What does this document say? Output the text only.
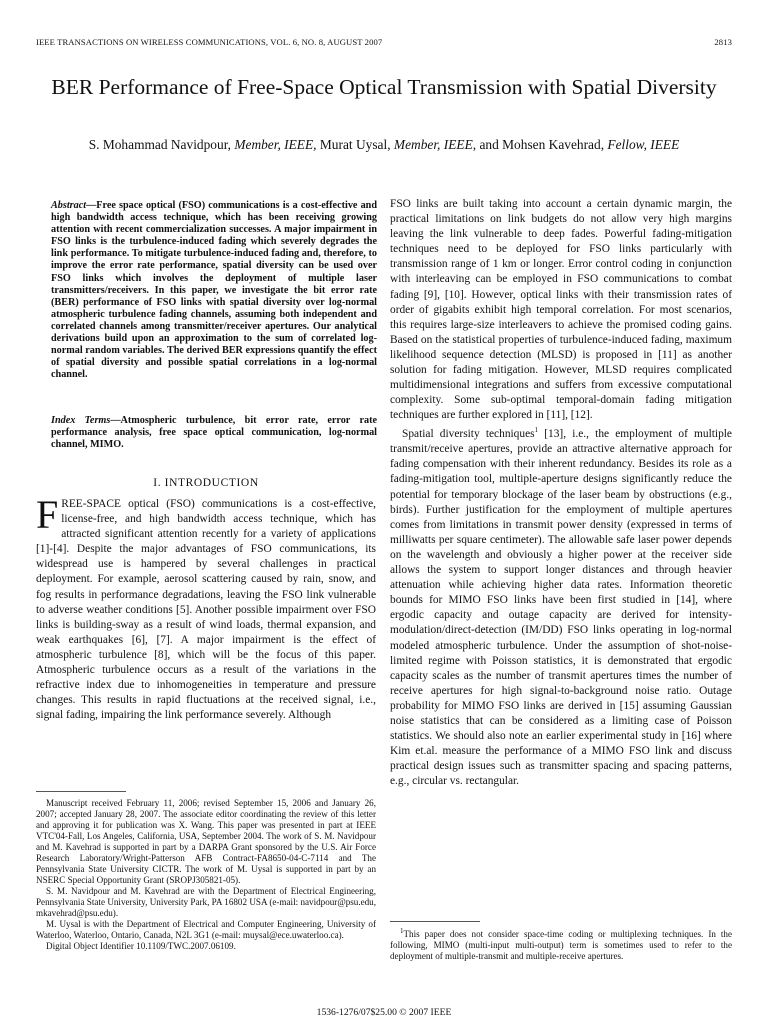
IEEE TRANSACTIONS ON WIRELESS COMMUNICATIONS, VOL. 6, NO. 8, AUGUST 2007	2813
BER Performance of Free-Space Optical Transmission with Spatial Diversity
S. Mohammad Navidpour, Member, IEEE, Murat Uysal, Member, IEEE, and Mohsen Kavehrad, Fellow, IEEE
Abstract—Free space optical (FSO) communications is a cost-effective and high bandwidth access technique, which has been receiving growing attention with recent commercialization successes. A major impairment in FSO links is the turbulence-induced fading which severely degrades the link performance. To mitigate turbulence-induced fading and, therefore, to improve the error rate performance, spatial diversity can be used over FSO links which involves the deployment of multiple laser transmitters/receivers. In this paper, we investigate the bit error rate (BER) performance of FSO links with spatial diversity over log-normal atmospheric turbulence fading channels, assuming both independent and correlated channels among transmitter/receiver apertures. Our analytical derivations build upon an approximation to the sum of correlated log-normal random variables. The derived BER expressions quantify the effect of spatial diversity and possible spatial correlations in a log-normal channel.
Index Terms—Atmospheric turbulence, bit error rate, error rate performance analysis, free space optical communication, log-normal channel, MIMO.
I. INTRODUCTION
FREE-SPACE optical (FSO) communications is a cost-effective, license-free, and high bandwidth access technique, which has attracted significant attention recently for a variety of applications [1]-[4]. Despite the major advantages of FSO communications, its widespread use is hampered by several challenges in practical deployment. For example, aerosol scattering caused by rain, snow, and fog results in performance degradations, leaving the FSO link vulnerable to adverse weather conditions [5]. Another possible impairment over FSO links is building-sway as a result of wind loads, thermal expansion, and weak earthquakes [6], [7]. A major impairment is the effect of atmospheric turbulence [8], which will be the focus of this paper. Atmospheric turbulence occurs as a result of the variations in the refractive index due to inhomogeneities in temperature and pressure changes. This results in rapid fluctuations at the received signal, i.e., signal fading, impairing the link performance severely. Although

Manuscript received February 11, 2006; revised September 15, 2006 and January 26, 2007; accepted January 28, 2007. The associate editor coordinating the review of this letter and approving it for publication was X. Wang. This paper was presented in part at IEEE VTC'04-Fall, Los Angeles, California, USA, September 2004. The work of S. M. Navidpour and M. Kavehrad is supported in part by a DARPA Grant sponsored by the U.S. Air Force Research Laboratory/Wright-Patterson AFB Contract-FA8650-04-C-7114 and The Pennsylvania State University CICTR. The work of M. Uysal is supported in part by an NSERC Special Opportunity Grant (SROPJ305821-05).

S. M. Navidpour and M. Kavehrad are with the Department of Electrical Engineering, Pennsylvania State University, University Park, PA 16802 USA (e-mail: navidpour@psu.edu, mkavehrad@psu.edu).

M. Uysal is with the Department of Electrical and Computer Engineering, University of Waterloo, Waterloo, Ontario, Canada, N2L 3G1 (e-mail: muysal@ece.uwaterloo.ca).

Digital Object Identifier 10.1109/TWC.2007.06109.

FSO links are built taking into account a certain dynamic margin, the practical limitations on link budgets do not allow very high margins leaving the link vulnerable to deep fades. Powerful fading-mitigation techniques need to be deployed for FSO links particularly with transmission range of 1 km or longer. Error control coding in conjunction with interleaving can be employed in FSO communications to combat fading [9], [10]. However, optical links with their transmission rates of order of gigabits exhibit high temporal correlation. For most scenarios, this requires large-size interleavers to achieve the promised coding gains. Based on the statistical properties of turbulence-induced fading, maximum likelihood sequence detection (MLSD) is proposed in [11] as another solution for fading mitigation. However, MLSD requires complicated multidimensional integrations and suffers from excessive computational complexity. Some sub-optimal temporal-domain fading mitigation techniques are further explored in [11], [12].

Spatial diversity techniques$^1$ [13], i.e., the employment of multiple transmit/receive apertures, provide an attractive alternative approach for fading compensation with their inherent redundancy. Besides its role as a fading-mitigation tool, multiple-aperture designs significantly reduce the potential for temporary blockage of the laser beam by obstructions (e.g., birds). Further justification for the employment of multiple apertures comes from limitations in transmit power density (expressed in terms of milliwatts per square centimeter). The allowable safe laser power depends on the wavelength and obviously a higher power at the receiver side allows the system to support longer distances and through heavier attenuation while achieving higher data rates. Information theoretic bounds for MIMO FSO links have been first studied in [14], where ergodic capacity and outage capacity are derived for intensity-modulation/direct-detection (IM/DD) FSO links operating in log-normal modeled atmospheric turbulence. Under the assumption of shot-noise-limited regime with Poisson statistics, it is demonstrated that ergodic capacity scales as the number of transmit apertures times the number of receive apertures for high signal-to-background noise ratio. Outage probability for MIMO FSO links are derived in [15] assuming Gaussian noise statistics that can be considered as a limiting case of Poisson statistics. We should also note an earlier experimental study in [16] where Kim et.al. measure the performance of a MIMO FSO link and discuss practical design issues such as transmitter spacing and spacing patterns, e.g., circular vs. rectangular.

$^1$This paper does not consider space-time coding or multiplexing techniques. In the following, MIMO (multi-input multi-output) term is sometimes used to refer to the deployment of multiple-transmit and multiple-receive apertures.
1536-1276/07$25.00 © 2007 IEEE
